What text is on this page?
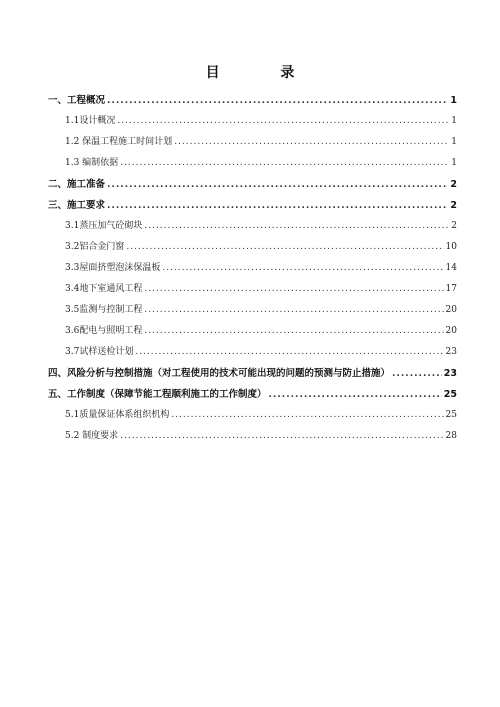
目 录
一、工程概况 .....	1
1.1设计概况 .....	1
1.2 保温工程施工时间计划 .....	1
1.3 编制依据 .....	1
二、施工准备 .....	2
三、施工要求 .....	2
3.1蒸压加气砼砌块 .....	2
3.2铝合金门窗 .....	10
3.3屋面挤塑泡沫保温板 .....	14
3.4地下室通风工程 .....	17
3.5监测与控制工程 .....	20
3.6配电与照明工程 .....	20
3.7试样送检计划 .....	23
四、风险分析与控制措施（对工程使用的技术可能出现的问题的预测与防止措施） .....	23
五、工作制度（保障节能工程顺利施工的工作制度） .....	25
5.1质量保证体系组织机构 .....	25
5.2 制度要求 .....	28
